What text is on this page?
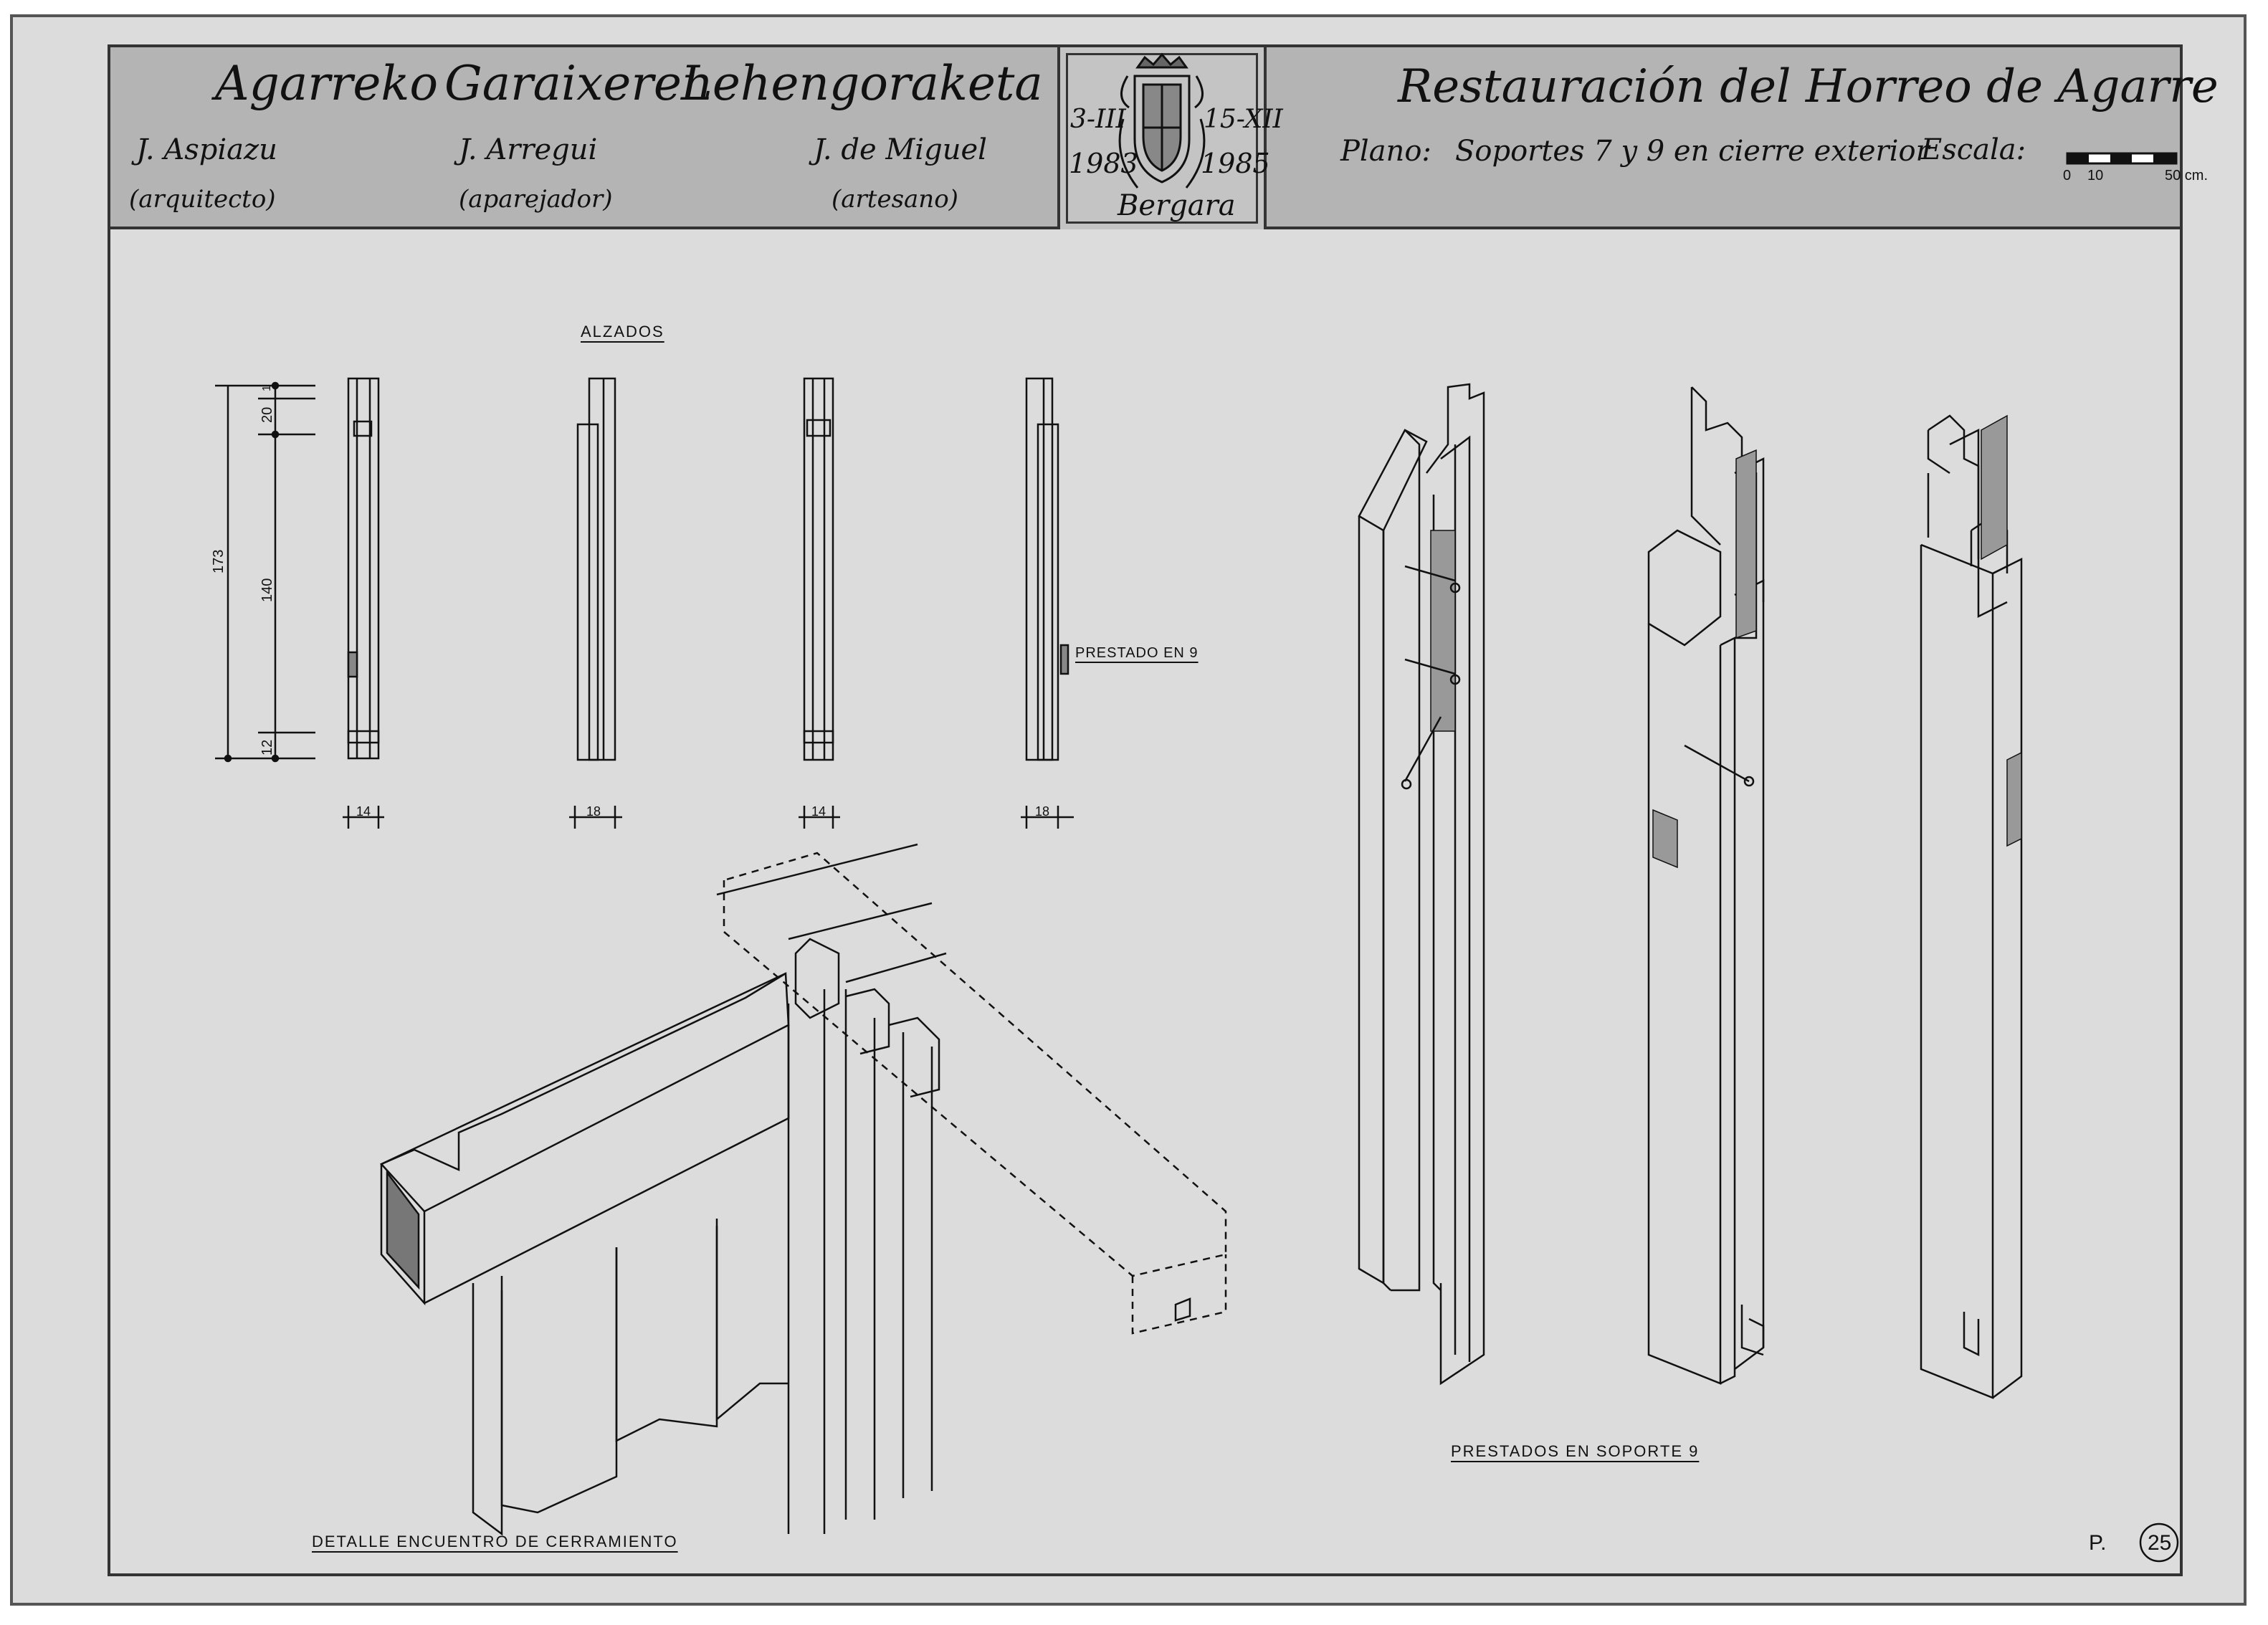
Agarreko Garaixeren
Lehengoraketa
J. Aspiazu
(arquitecto)
J. Arregui
(aparejador)
J. de Miguel
(artesano)
3-III	15-XII
1983 1985
Bergara
Restauración del Horreo de Agarre
Plano: Soportes 7 y 9 en cierre exterior
Escala:
0 10	50 cm.
ALZADOS
PRESTADO EN 9
DETALLE ENCUENTRO DE CERRAMIENTO
PRESTADOS EN SOPORTE 9
173
1
20
140
12
14	18	14	18
P. 25
